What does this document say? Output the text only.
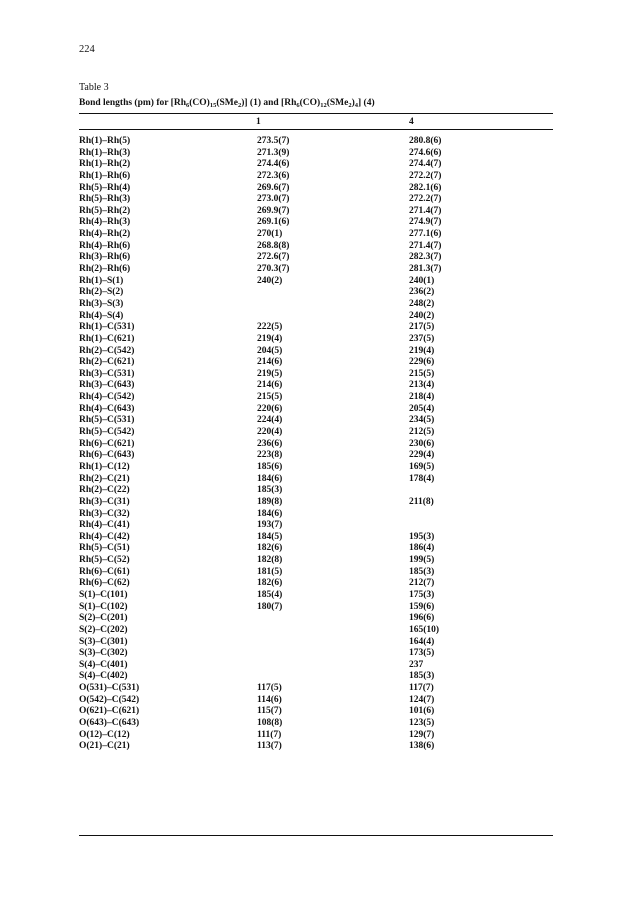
224
Table 3
Bond lengths (pm) for $[Rh_6(CO)_{15}(SMe_2)]$ (1) and $[Rh_6(CO)_{12}(SMe_2)_4]$ (4)
1	4
Rh(1)–Rh(5)	273.5(7)	280.8(6)
Rh(1)–Rh(3)	271.3(9)	274.6(6)
Rh(1)–Rh(2)	274.4(6)	274.4(7)
Rh(1)–Rh(6)	272.3(6)	272.2(7)
Rh(5)–Rh(4)	269.6(7)	282.1(6)
Rh(5)–Rh(3)	273.0(7)	272.2(7)
Rh(5)–Rh(2)	269.9(7)	271.4(7)
Rh(4)–Rh(3)	269.1(6)	274.9(7)
Rh(4)–Rh(2)	270(1)	277.1(6)
Rh(4)–Rh(6)	268.8(8)	271.4(7)
Rh(3)–Rh(6)	272.6(7)	282.3(7)
Rh(2)–Rh(6)	270.3(7)	281.3(7)
Rh(1)–S(1)	240(2)	240(1)
Rh(2)–S(2)		236(2)
Rh(3)–S(3)		248(2)
Rh(4)–S(4)		240(2)
Rh(1)–C(531)	222(5)	217(5)
Rh(1)–C(621)	219(4)	237(5)
Rh(2)–C(542)	204(5)	219(4)
Rh(2)–C(621)	214(6)	229(6)
Rh(3)–C(531)	219(5)	215(5)
Rh(3)–C(643)	214(6)	213(4)
Rh(4)–C(542)	215(5)	218(4)
Rh(4)–C(643)	220(6)	205(4)
Rh(5)–C(531)	224(4)	234(5)
Rh(5)–C(542)	220(4)	212(5)
Rh(6)–C(621)	236(6)	230(6)
Rh(6)–C(643)	223(8)	229(4)
Rh(1)–C(12)	185(6)	169(5)
Rh(2)–C(21)	184(6)	178(4)
Rh(2)–C(22)	185(3)	
Rh(3)–C(31)	189(8)	211(8)
Rh(3)–C(32)	184(6)	
Rh(4)–C(41)	193(7)	
Rh(4)–C(42)	184(5)	195(3)
Rh(5)–C(51)	182(6)	186(4)
Rh(5)–C(52)	182(8)	199(5)
Rh(6)–C(61)	181(5)	185(3)
Rh(6)–C(62)	182(6)	212(7)
S(1)–C(101)	185(4)	175(3)
S(1)–C(102)	180(7)	159(6)
S(2)–C(201)		196(6)
S(2)–C(202)		165(10)
S(3)–C(301)		164(4)
S(3)–C(302)		173(5)
S(4)–C(401)		237
S(4)–C(402)		185(3)
O(531)–C(531)	117(5)	117(7)
O(542)–C(542)	114(6)	124(7)
O(621)–C(621)	115(7)	101(6)
O(643)–C(643)	108(8)	123(5)
O(12)–C(12)	111(7)	129(7)
O(21)–C(21)	113(7)	138(6)
